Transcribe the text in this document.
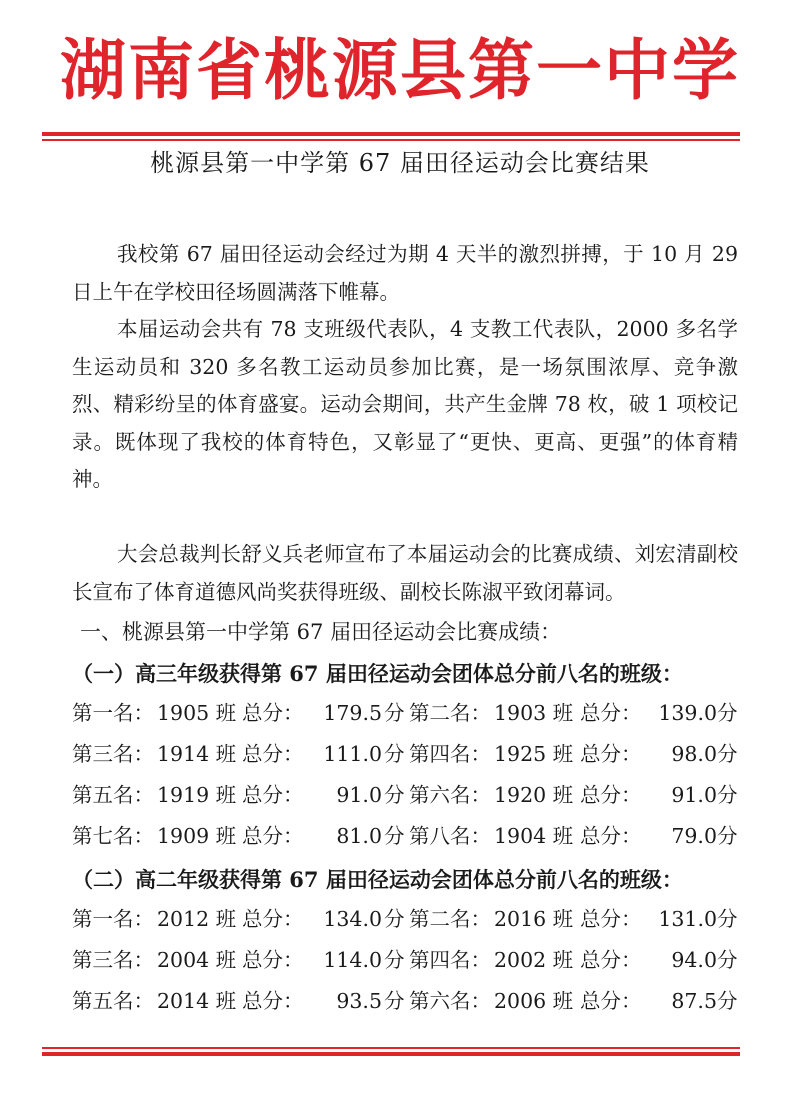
湖南省桃源县第一中学
桃源县第一中学第 67 届田径运动会比赛结果
我校第 67 届田径运动会经过为期 4 天半的激烈拼搏，于 10 月 29 日上午在学校田径场圆满落下帷幕。
本届运动会共有 78 支班级代表队，4 支教工代表队，2000 多名学生运动员和 320 多名教工运动员参加比赛，是一场氛围浓厚、竞争激烈、精彩纷呈的体育盛宴。运动会期间，共产生金牌 78 枚，破 1 项校记录。既体现了我校的体育特色，又彰显了“更快、更高、更强”的体育精神。
大会总裁判长舒义兵老师宣布了本届运动会的比赛成绩、刘宏清副校长宣布了体育道德风尚奖获得班级、副校长陈淑平致闭幕词。
一、桃源县第一中学第 67 届田径运动会比赛成绩：
（一）高三年级获得第 67 届田径运动会团体总分前八名的班级：
第一名： 1905 班 总分： 179.5 分 第二名： 1903 班 总分： 139.0 分
第三名： 1914 班 总分： 111.0 分 第四名： 1925 班 总分：	98.0 分
第五名： 1919 班 总分：	91.0 分 第六名： 1920 班 总分：	91.0 分
第七名： 1909 班 总分：	81.0 分 第八名： 1904 班 总分：	79.0 分
（二）高二年级获得第 67 届田径运动会团体总分前八名的班级：
第一名： 2012 班 总分： 134.0 分 第二名： 2016 班 总分： 131.0 分
第三名： 2004 班 总分： 114.0 分 第四名： 2002 班 总分：	94.0 分
第五名： 2014 班 总分：	93.5 分 第六名： 2006 班 总分：	87.5 分
